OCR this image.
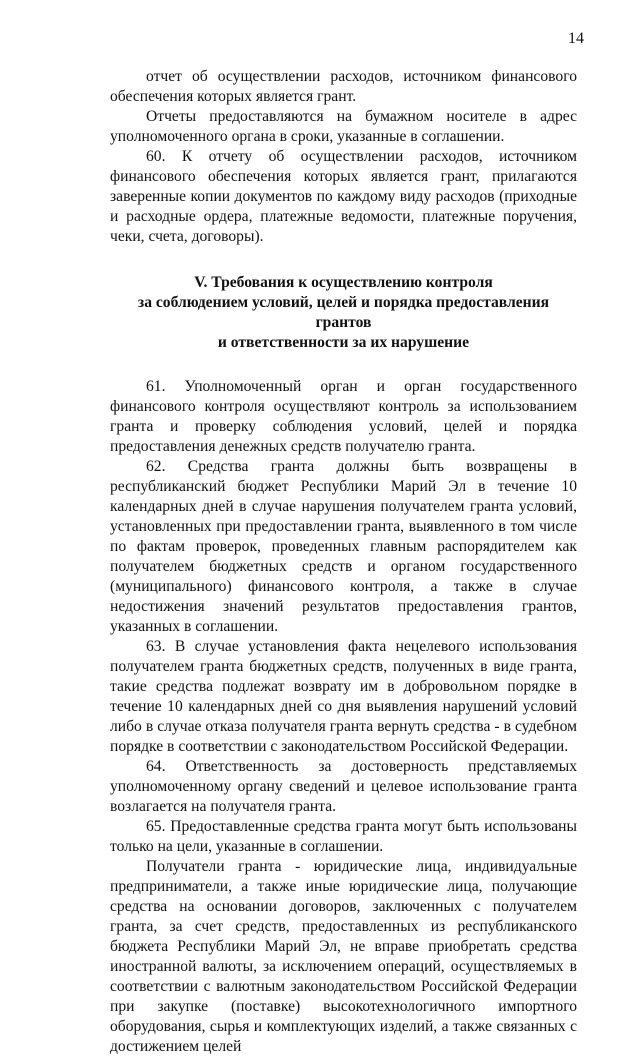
14

отчет об осуществлении расходов, источником финансового обеспечения которых является грант.

Отчеты предоставляются на бумажном носителе в адрес уполномоченного органа в сроки, указанные в соглашении.

60. К отчету об осуществлении расходов, источником финансового обеспечения которых является грант, прилагаются заверенные копии документов по каждому виду расходов (приходные и расходные ордера, платежные ведомости, платежные поручения, чеки, счета, договоры).

V. Требования к осуществлению контроля
за соблюдением условий, целей и порядка предоставления грантов
и ответственности за их нарушение

61. Уполномоченный орган и орган государственного финансового контроля осуществляют контроль за использованием гранта и проверку соблюдения условий, целей и порядка предоставления денежных средств получателю гранта.

62. Средства гранта должны быть возвращены в республиканский бюджет Республики Марий Эл в течение 10 календарных дней в случае нарушения получателем гранта условий, установленных при предоставлении гранта, выявленного в том числе по фактам проверок, проведенных главным распорядителем как получателем бюджетных средств и органом государственного (муниципального) финансового контроля, а также в случае недостижения значений результатов предоставления грантов, указанных в соглашении.

63. В случае установления факта нецелевого использования получателем гранта бюджетных средств, полученных в виде гранта, такие средства подлежат возврату им в добровольном порядке в течение 10 календарных дней со дня выявления нарушений условий либо в случае отказа получателя гранта вернуть средства - в судебном порядке в соответствии с законодательством Российской Федерации.

64. Ответственность за достоверность представляемых уполномоченному органу сведений и целевое использование гранта возлагается на получателя гранта.

65. Предоставленные средства гранта могут быть использованы только на цели, указанные в соглашении.

Получатели гранта - юридические лица, индивидуальные предприниматели, а также иные юридические лица, получающие средства на основании договоров, заключенных с получателем гранта, за счет средств, предоставленных из республиканского бюджета Республики Марий Эл, не вправе приобретать средства иностранной валюты, за исключением операций, осуществляемых в соответствии с валютным законодательством Российской Федерации при закупке (поставке) высокотехнологичного импортного оборудования, сырья и комплектующих изделий, а также связанных с достижением целей
